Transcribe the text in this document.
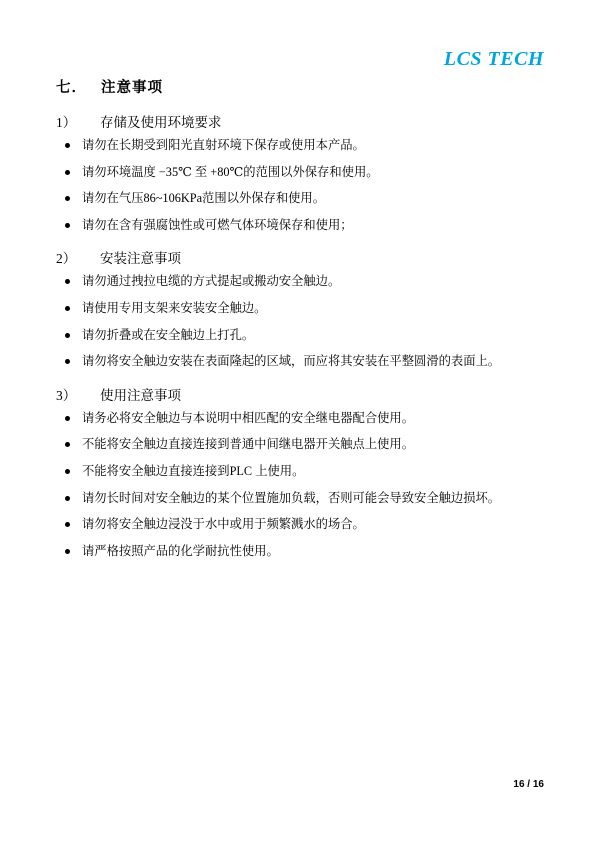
LCS TECH
七． 注意事项
1） 存储及使用环境要求
请勿在长期受到阳光直射环境下保存或使用本产品。
请勿环境温度 −35℃ 至 +80℃的范围以外保存和使用。
请勿在气压86~106KPa范围以外保存和使用。
请勿在含有强腐蚀性或可燃气体环境保存和使用；
2） 安装注意事项
请勿通过拽拉电缆的方式提起或搬动安全触边。
请使用专用支架来安装安全触边。
请勿折叠或在安全触边上打孔。
请勿将安全触边安装在表面隆起的区域，而应将其安装在平整圆滑的表面上。
3） 使用注意事项
请务必将安全触边与本说明中相匹配的安全继电器配合使用。
不能将安全触边直接连接到普通中间继电器开关触点上使用。
不能将安全触边直接连接到PLC 上使用。
请勿长时间对安全触边的某个位置施加负载，否则可能会导致安全触边损坏。
请勿将安全触边浸没于水中或用于频繁溅水的场合。
请严格按照产品的化学耐抗性使用。
16 / 16
